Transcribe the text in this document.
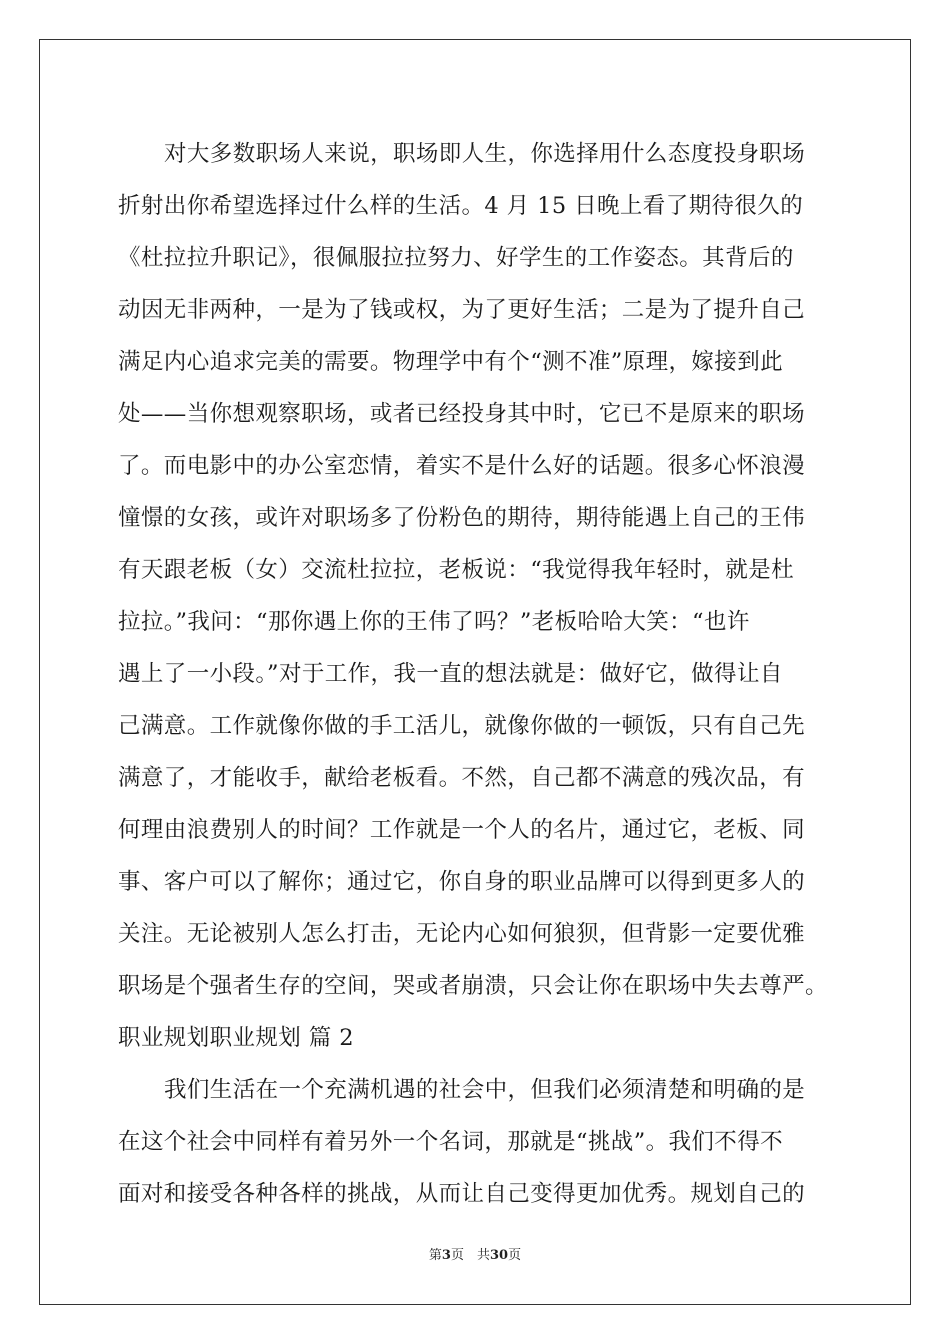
对大多数职场人来说，职场即人生，你选择用什么态度投身职场
折射出你希望选择过什么样的生活。4 月 15 日晚上看了期待很久的
《杜拉拉升职记》，很佩服拉拉努力、好学生的工作姿态。其背后的
动因无非两种，一是为了钱或权，为了更好生活；二是为了提升自己
满足内心追求完美的需要。物理学中有个“测不准”原理，嫁接到此
处——当你想观察职场，或者已经投身其中时，它已不是原来的职场
了。而电影中的办公室恋情，着实不是什么好的话题。很多心怀浪漫
憧憬的女孩，或许对职场多了份粉色的期待，期待能遇上自己的王伟
有天跟老板（女）交流杜拉拉，老板说：“我觉得我年轻时，就是杜
拉拉。”我问：“那你遇上你的王伟了吗？”老板哈哈大笑：“也许
遇上了一小段。”对于工作，我一直的想法就是：做好它，做得让自
己满意。工作就像你做的手工活儿，就像你做的一顿饭，只有自己先
满意了，才能收手，献给老板看。不然，自己都不满意的残次品，有
何理由浪费别人的时间？工作就是一个人的名片，通过它，老板、同
事、客户可以了解你；通过它，你自身的职业品牌可以得到更多人的
关注。无论被别人怎么打击，无论内心如何狼狈，但背影一定要优雅
职场是个强者生存的空间，哭或者崩溃，只会让你在职场中失去尊严。
职业规划职业规划 篇 2
我们生活在一个充满机遇的社会中，但我们必须清楚和明确的是
在这个社会中同样有着另外一个名词，那就是“挑战”。我们不得不
面对和接受各种各样的挑战，从而让自己变得更加优秀。规划自己的
第3页　共30页
